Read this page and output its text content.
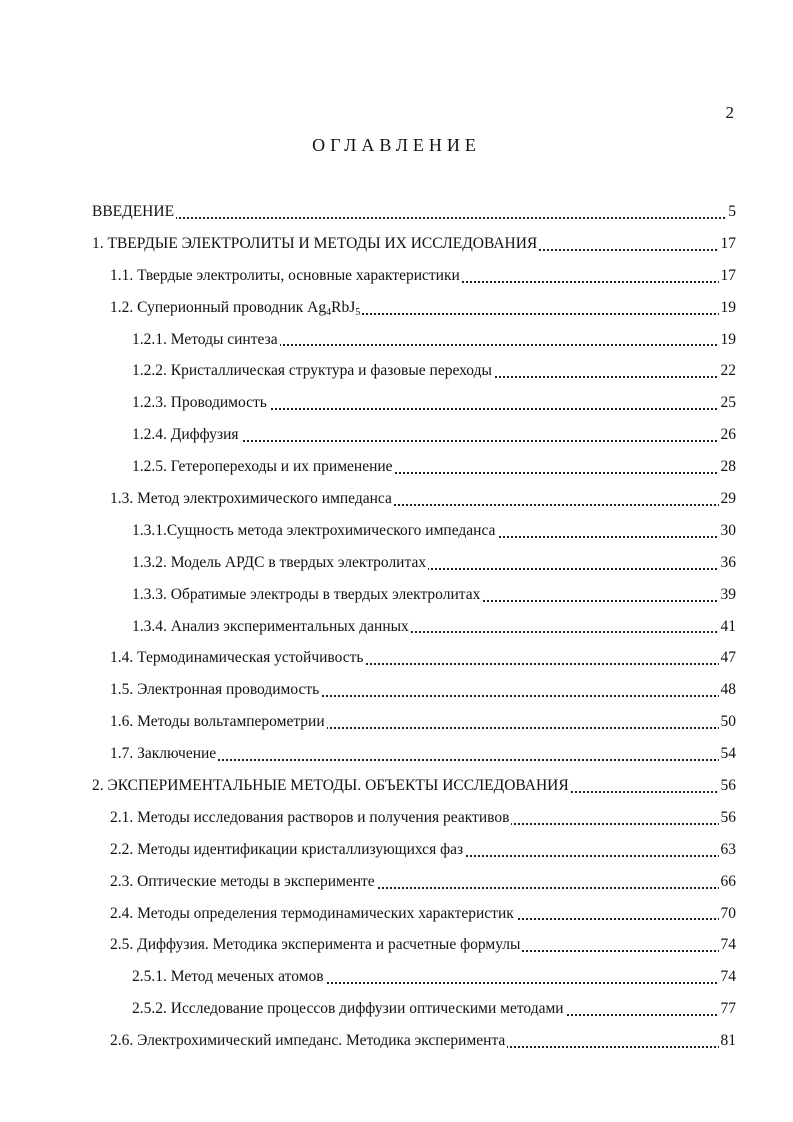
2
ОГЛАВЛЕНИЕ
ВВЕДЕНИЕ	5
1. ТВЕРДЫЕ ЭЛЕКТРОЛИТЫ И МЕТОДЫ ИХ ИССЛЕДОВАНИЯ	17
1.1. Твердые электролиты, основные характеристики	17
1.2. Суперионный проводник $Ag_4RbJ_5$	19
1.2.1. Методы синтеза	19
1.2.2. Кристаллическая структура и фазовые переходы	22
1.2.3. Проводимость	25
1.2.4. Диффузия	26
1.2.5. Гетеропереходы и их применение	28
1.3. Метод электрохимического импеданса	29
1.3.1.Сущность метода электрохимического импеданса	30
1.3.2. Модель АРДС в твердых электролитах	36
1.3.3. Обратимые электроды в твердых электролитах	39
1.3.4. Анализ экспериментальных данных	41
1.4. Термодинамическая устойчивость	47
1.5. Электронная проводимость	48
1.6. Методы вольтамперометрии	50
1.7. Заключение	54
2. ЭКСПЕРИМЕНТАЛЬНЫЕ МЕТОДЫ. ОБЪЕКТЫ ИССЛЕДОВАНИЯ	56
2.1. Методы исследования растворов и получения реактивов	56
2.2. Методы идентификации кристаллизующихся фаз	63
2.3. Оптические методы в эксперименте	66
2.4. Методы определения термодинамических характеристик	70
2.5. Диффузия. Методика эксперимента и расчетные формулы	74
2.5.1. Метод меченых атомов	74
2.5.2. Исследование процессов диффузии оптическими методами	77
2.6. Электрохимический импеданс. Методика эксперимента	81
